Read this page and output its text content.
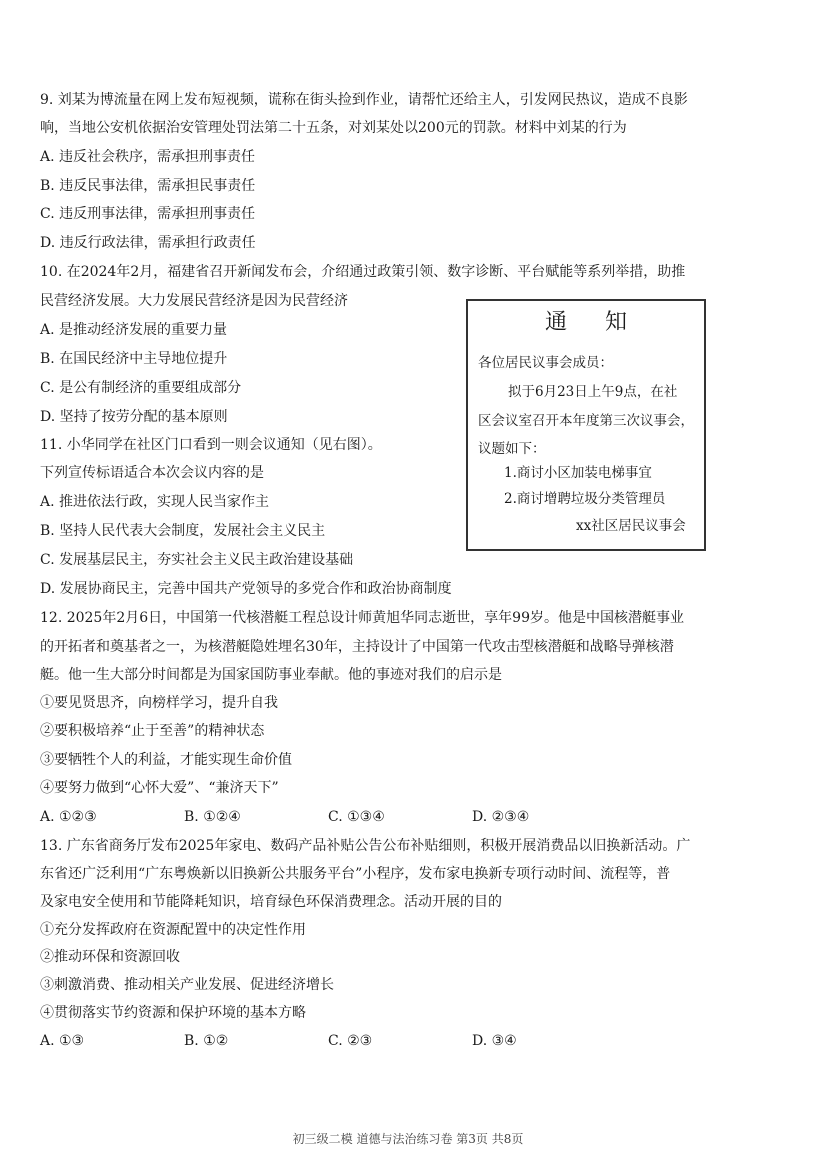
9. 刘某为博流量在网上发布短视频，谎称在街头捡到作业，请帮忙还给主人，引发网民热议，造成不良影
响，当地公安机依据治安管理处罚法第二十五条，对刘某处以200元的罚款。材料中刘某的行为
A. 违反社会秩序，需承担刑事责任
B. 违反民事法律，需承担民事责任
C. 违反刑事法律，需承担刑事责任
D. 违反行政法律，需承担行政责任
10. 在2024年2月，福建省召开新闻发布会，介绍通过政策引领、数字诊断、平台赋能等系列举措，助推
民营经济发展。大力发展民营经济是因为民营经济
A. 是推动经济发展的重要力量
B. 在国民经济中主导地位提升
C. 是公有制经济的重要组成部分
D. 坚持了按劳分配的基本原则
11. 小华同学在社区门口看到一则会议通知（见右图）。
下列宣传标语适合本次会议内容的是
A. 推进依法行政，实现人民当家作主
B. 坚持人民代表大会制度，发展社会主义民主
C. 发展基层民主，夯实社会主义民主政治建设基础
D. 发展协商民主，完善中国共产党领导的多党合作和政治协商制度
通知
各位居民议事会成员：
拟于6月23日上午9点，在社
区会议室召开本年度第三次议事会，
议题如下：
1.商讨小区加装电梯事宜
2.商讨增聘垃圾分类管理员
xx社区居民议事会
12. 2025年2月6日，中国第一代核潜艇工程总设计师黄旭华同志逝世，享年99岁。他是中国核潜艇事业
的开拓者和奠基者之一，为核潜艇隐姓埋名30年，主持设计了中国第一代攻击型核潜艇和战略导弹核潜
艇。他一生大部分时间都是为国家国防事业奉献。他的事迹对我们的启示是
①要见贤思齐，向榜样学习，提升自我
②要积极培养“止于至善”的精神状态
③要牺牲个人的利益，才能实现生命价值
④要努力做到“心怀大爱”、“兼济天下”
A. ①②③	B. ①②④	C. ①③④	D. ②③④
13. 广东省商务厅发布2025年家电、数码产品补贴公告公布补贴细则，积极开展消费品以旧换新活动。广
东省还广泛利用“广东粤焕新以旧换新公共服务平台”小程序，发布家电换新专项行动时间、流程等，普
及家电安全使用和节能降耗知识，培育绿色环保消费理念。活动开展的目的
①充分发挥政府在资源配置中的决定性作用
②推动环保和资源回收
③刺激消费、推动相关产业发展、促进经济增长
④贯彻落实节约资源和保护环境的基本方略
A. ①③	B. ①②	C. ②③	D. ③④
初三级二模 道德与法治练习卷 第3页 共8页
